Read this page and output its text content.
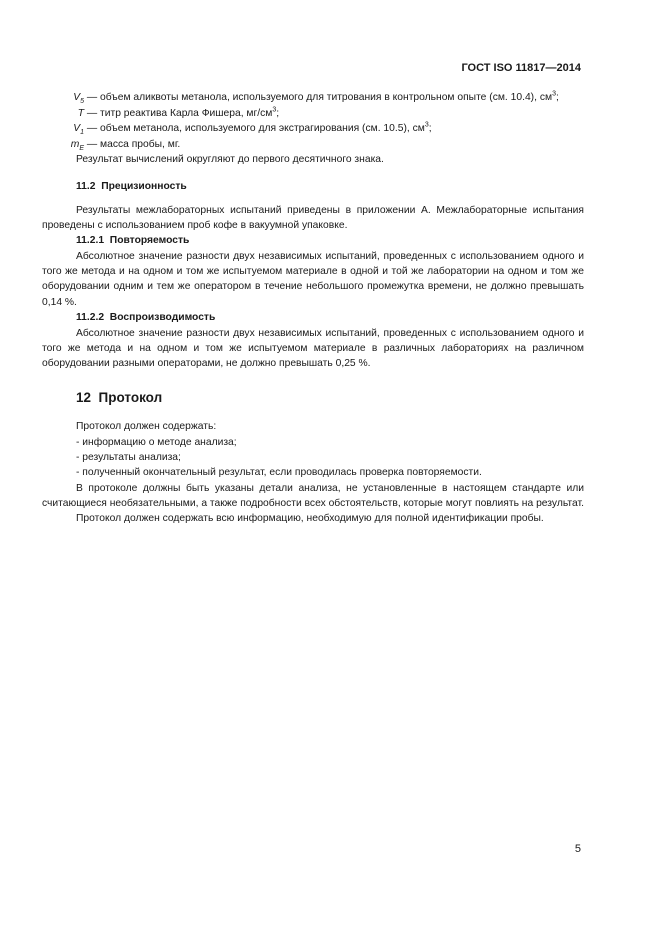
ГОСТ ISO 11817—2014
$V_5$ — объем аликвоты метанола, используемого для титрования в контрольном опыте (см. 10.4), $см^3$;
T — титр реактива Карла Фишера, $мг/см^3$;
$V_1$ — объем метанола, используемого для экстрагирования (см. 10.5), $см^3$;
$m_E$ — масса пробы, мг.

Результат вычислений округляют до первого десятичного знака.

11.2 Прецизионность

Результаты межлабораторных испытаний приведены в приложении А. Межлабораторные испытания проведены с использованием проб кофе в вакуумной упаковке.

11.2.1 Повторяемость

Абсолютное значение разности двух независимых испытаний, проведенных с использованием одного и того же метода и на одном и том же испытуемом материале в одной и той же лаборатории на одном и том же оборудовании одним и тем же оператором в течение небольшого промежутка времени, не должно превышать 0,14 %.

11.2.2 Воспроизводимость

Абсолютное значение разности двух независимых испытаний, проведенных с использованием одного и того же метода и на одном и том же испытуемом материале в различных лабораториях на различном оборудовании разными операторами, не должно превышать 0,25 %.

12 Протокол

Протокол должен содержать:

- информацию о методе анализа;

- результаты анализа;

- полученный окончательный результат, если проводилась проверка повторяемости.

В протоколе должны быть указаны детали анализа, не установленные в настоящем стандарте или считающиеся необязательными, а также подробности всех обстоятельств, которые могут повлиять на результат.

Протокол должен содержать всю информацию, необходимую для полной идентификации пробы.

5
